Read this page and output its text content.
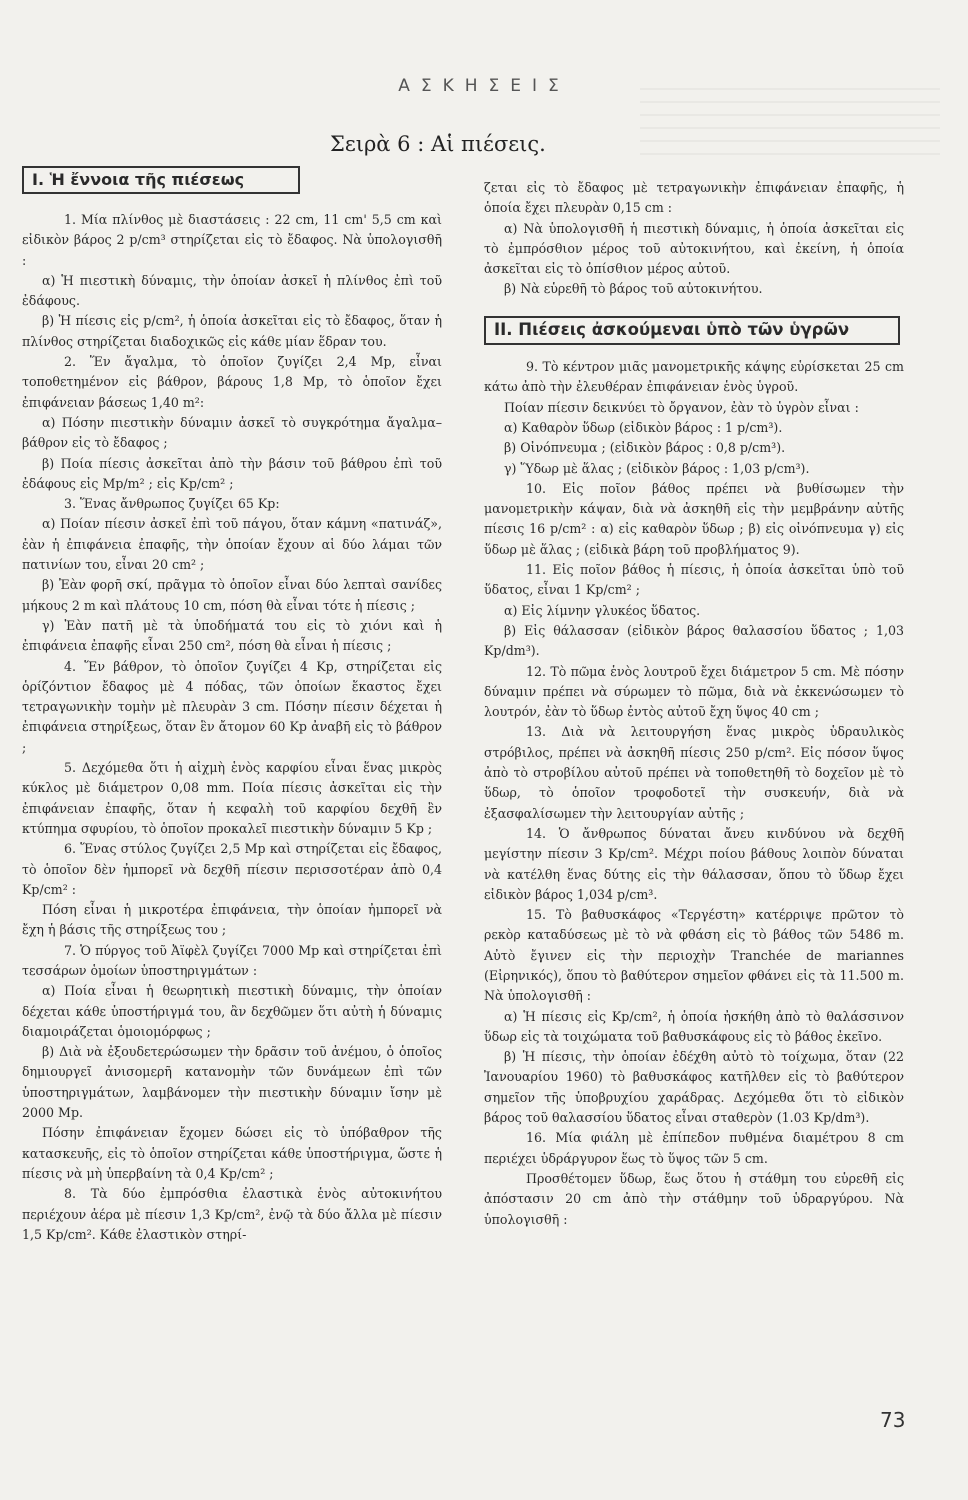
ΑΣΚΗΣΕΙΣ
Σειρὰ 6 : Αἱ πιέσεις.
I. Ἡ ἔννοια τῆς πιέσεως

1. Μία πλίνθος μὲ διαστάσεις : 22 cm, 11 cm' 5,5 cm καὶ εἰδικὸν βάρος 2 p/cm³ στηρίζεται εἰς τὸ ἔδαφος. Νὰ ὑπολογισθῆ :

α) Ἡ πιεστικὴ δύναμις, τὴν ὁποίαν ἀσκεῖ ἡ πλίνθος ἐπὶ τοῦ ἐδάφους.

β) Ἡ πίεσις εἰς p/cm², ἡ ὁποία ἀσκεῖται εἰς τὸ ἔδαφος, ὅταν ἡ πλίνθος στηρίζεται διαδοχικῶς εἰς κάθε μίαν ἕδραν του.

2. Ἕν ἄγαλμα, τὸ ὁποῖον ζυγίζει 2,4 Mp, εἶναι τοποθετημένον εἰς βάθρον, βάρους 1,8 Mp, τὸ ὁποῖον ἔχει ἐπιφάνειαν βάσεως 1,40 m²:

α) Πόσην πιεστικὴν δύναμιν ἀσκεῖ τὸ συγκρότημα ἄγαλμα–βάθρον εἰς τὸ ἔδαφος ;

β) Ποία πίεσις ἀσκεῖται ἀπὸ τὴν βάσιν τοῦ βάθρου ἐπὶ τοῦ ἐδάφους εἰς Mp/m² ; εἰς Kp/cm² ;

3. Ἕνας ἄνθρωπος ζυγίζει 65 Kp:

α) Ποίαν πίεσιν ἀσκεῖ ἐπὶ τοῦ πάγου, ὅταν κάμνη «πατινάζ», ἐὰν ἡ ἐπιφάνεια ἐπαφῆς, τὴν ὁποίαν ἔχουν αἱ δύο λάμαι τῶν πατινίων του, εἶναι 20 cm² ;

β) Ἐὰν φορῆ σκί, πρᾶγμα τὸ ὁποῖον εἶναι δύο λεπταὶ σανίδες μήκους 2 m καὶ πλάτους 10 cm, πόση θὰ εἶναι τότε ἡ πίεσις ;

γ) Ἐὰν πατῆ μὲ τὰ ὑποδήματά του εἰς τὸ χιόνι καὶ ἡ ἐπιφάνεια ἐπαφῆς εἶναι 250 cm², πόση θὰ εἶναι ἡ πίεσις ;

4. Ἕν βάθρον, τὸ ὁποῖον ζυγίζει 4 Kp, στηρίζεται εἰς ὁρίζόντιον ἔδαφος μὲ 4 πόδας, τῶν ὁποίων ἕκαστος ἔχει τετραγωνικὴν τομὴν μὲ πλευρὰν 3 cm. Πόσην πίεσιν δέχεται ἡ ἐπιφάνεια στηρίξεως, ὅταν ἓν ἄτομον 60 Kp ἀναβῆ εἰς τὸ βάθρον ;

5. Δεχόμεθα ὅτι ἡ αἰχμὴ ἑνὸς καρφίου εἶναι ἕνας μικρὸς κύκλος μὲ διάμετρον 0,08 mm. Ποία πίεσις ἀσκεῖται εἰς τὴν ἐπιφάνειαν ἐπαφῆς, ὅταν ἡ κεφαλὴ τοῦ καρφίου δεχθῆ ἓν κτύπημα σφυρίου, τὸ ὁποῖον προκαλεῖ πιεστικὴν δύναμιν 5 Kp ;

6. Ἕνας στύλος ζυγίζει 2,5 Mp καὶ στηρίζεται εἰς ἔδαφος, τὸ ὁποῖον δὲν ἠμπορεῖ νὰ δεχθῆ πίεσιν περισσοτέραν ἀπὸ 0,4 Kp/cm² :

Πόση εἶναι ἡ μικροτέρα ἐπιφάνεια, τὴν ὁποίαν ἠμπορεῖ νὰ ἔχη ἡ βάσις τῆς στηρίξεως του ;

7. Ὁ πύργος τοῦ Ἀϊφὲλ ζυγίζει 7000 Mp καὶ στηρίζεται ἐπὶ τεσσάρων ὁμοίων ὑποστηριγμάτων :

α) Ποία εἶναι ἡ θεωρητικὴ πιεστικὴ δύναμις, τὴν ὁποίαν δέχεται κάθε ὑποστήριγμά του, ἂν δεχθῶμεν ὅτι αὐτὴ ἡ δύναμις διαμοιράζεται ὁμοιομόρφως ;

β) Διὰ νὰ ἐξουδετερώσωμεν τὴν δρᾶσιν τοῦ ἀνέμου, ὁ ὁποῖος δημιουργεῖ ἀνισομερῆ κατανομὴν τῶν δυνάμεων ἐπὶ τῶν ὑποστηριγμάτων, λαμβάνομεν τὴν πιεστικὴν δύναμιν ἴσην μὲ 2000 Mp.

Πόσην ἐπιφάνειαν ἔχομεν δώσει εἰς τὸ ὑπόβαθρον τῆς κατασκευῆς, εἰς τὸ ὁποῖον στηρίζεται κάθε ὑποστήριγμα, ὥστε ἡ πίεσις νὰ μὴ ὑπερβαίνη τὰ 0,4 Kp/cm² ;

8. Τὰ δύο ἐμπρόσθια ἐλαστικὰ ἑνὸς αὐτοκινήτου περιέχουν ἀέρα μὲ πίεσιν 1,3 Kp/cm², ἐνῷ τὰ δύο ἄλλα μὲ πίεσιν 1,5 Kp/cm². Κάθε ἐλαστικὸν στηρί-

ζεται εἰς τὸ ἔδαφος μὲ τετραγωνικὴν ἐπιφάνειαν ἐπαφῆς, ἡ ὁποία ἔχει πλευρὰν 0,15 cm :

α) Νὰ ὑπολογισθῆ ἡ πιεστικὴ δύναμις, ἡ ὁποία ἀσκεῖται εἰς τὸ ἐμπρόσθιον μέρος τοῦ αὐτοκινήτου, καὶ ἐκείνη, ἡ ὁποία ἀσκεῖται εἰς τὸ ὀπίσθιον μέρος αὐτοῦ.

β) Νὰ εὑρεθῆ τὸ βάρος τοῦ αὐτοκινήτου.

II. Πιέσεις ἀσκούμεναι ὑπὸ τῶν ὑγρῶν

9. Τὸ κέντρον μιᾶς μανομετρικῆς κάψης εὑρίσκεται 25 cm κάτω ἀπὸ τὴν ἐλευθέραν ἐπιφάνειαν ἑνὸς ὑγροῦ.

Ποίαν πίεσιν δεικνύει τὸ ὄργανον, ἐὰν τὸ ὑγρὸν εἶναι :

α) Καθαρὸν ὕδωρ (εἰδικὸν βάρος : 1 p/cm³).

β) Οἰνόπνευμα ; (εἰδικὸν βάρος : 0,8 p/cm³).

γ) Ὕδωρ μὲ ἅλας ; (εἰδικὸν βάρος : 1,03 p/cm³).

10. Εἰς ποῖον βάθος πρέπει νὰ βυθίσωμεν τὴν μανομετρικὴν κάψαν, διὰ νὰ ἀσκηθῆ εἰς τὴν μεμβράνην αὐτῆς πίεσις 16 p/cm² : α) εἰς καθαρὸν ὕδωρ ; β) εἰς οἰνόπνευμα γ) εἰς ὕδωρ μὲ ἅλας ; (εἰδικὰ βάρη τοῦ προβλήματος 9).

11. Εἰς ποῖον βάθος ἡ πίεσις, ἡ ὁποία ἀσκεῖται ὑπὸ τοῦ ὕδατος, εἶναι 1 Kp/cm² ;

α) Εἰς λίμνην γλυκέος ὕδατος.

β) Εἰς θάλασσαν (εἰδικὸν βάρος θαλασσίου ὕδατος ; 1,03 Kp/dm³).

12. Τὸ πῶμα ἑνὸς λουτροῦ ἔχει διάμετρον 5 cm. Μὲ πόσην δύναμιν πρέπει νὰ σύρωμεν τὸ πῶμα, διὰ νὰ ἐκκενώσωμεν τὸ λουτρόν, ἐὰν τὸ ὕδωρ ἐντὸς αὐτοῦ ἔχη ὕψος 40 cm ;

13. Διὰ νὰ λειτουργήση ἕνας μικρὸς ὑδραυλικὸς στρόβιλος, πρέπει νὰ ἀσκηθῆ πίεσις 250 p/cm². Εἰς πόσον ὕψος ἀπὸ τὸ στροβίλου αὐτοῦ πρέπει νὰ τοποθετηθῆ τὸ δοχεῖον μὲ τὸ ὕδωρ, τὸ ὁποῖον τροφοδοτεῖ τὴν συσκευήν, διὰ νὰ ἐξασφαλίσωμεν τὴν λειτουργίαν αὐτῆς ;

14. Ὁ ἄνθρωπος δύναται ἄνευ κινδύνου νὰ δεχθῆ μεγίστην πίεσιν 3 Kp/cm². Μέχρι ποίου βάθους λοιπὸν δύναται νὰ κατέλθη ἕνας δύτης εἰς τὴν θάλασσαν, ὅπου τὸ ὕδωρ ἔχει εἰδικὸν βάρος 1,034 p/cm³.

15. Τὸ βαθυσκάφος «Τεργέστη» κατέρριψε πρῶτον τὸ ρεκὸρ καταδύσεως μὲ τὸ νὰ φθάση εἰς τὸ βάθος τῶν 5486 m. Αὐτὸ ἔγινεν εἰς τὴν περιοχὴν Tranchée de mariannes (Εἰρηνικός), ὅπου τὸ βαθύτερον σημεῖον φθάνει εἰς τὰ 11.500 m. Νὰ ὑπολογισθῆ :

α) Ἡ πίεσις εἰς Kp/cm², ἡ ὁποία ἠσκήθη ἀπὸ τὸ θαλάσσινον ὕδωρ εἰς τὰ τοιχώματα τοῦ βαθυσκάφους εἰς τὸ βάθος ἐκεῖνο.

β) Ἡ πίεσις, τὴν ὁποίαν ἐδέχθη αὐτὸ τὸ τοίχωμα, ὅταν (22 Ἰανουαρίου 1960) τὸ βαθυσκάφος κατῆλθεν εἰς τὸ βαθύτερον σημεῖον τῆς ὑποβρυχίου χαράδρας. Δεχόμεθα ὅτι τὸ εἰδικὸν βάρος τοῦ θαλασσίου ὕδατος εἶναι σταθερὸν (1.03 Kp/dm³).

16. Μία φιάλη μὲ ἐπίπεδον πυθμένα διαμέτρου 8 cm περιέχει ὑδράργυρον ἕως τὸ ὕψος τῶν 5 cm.

Προσθέτομεν ὕδωρ, ἕως ὅτου ἡ στάθμη του εὑρεθῆ εἰς ἀπόστασιν 20 cm ἀπὸ τὴν στάθμην τοῦ ὑδραργύρου. Νὰ ὑπολογισθῆ :

73
